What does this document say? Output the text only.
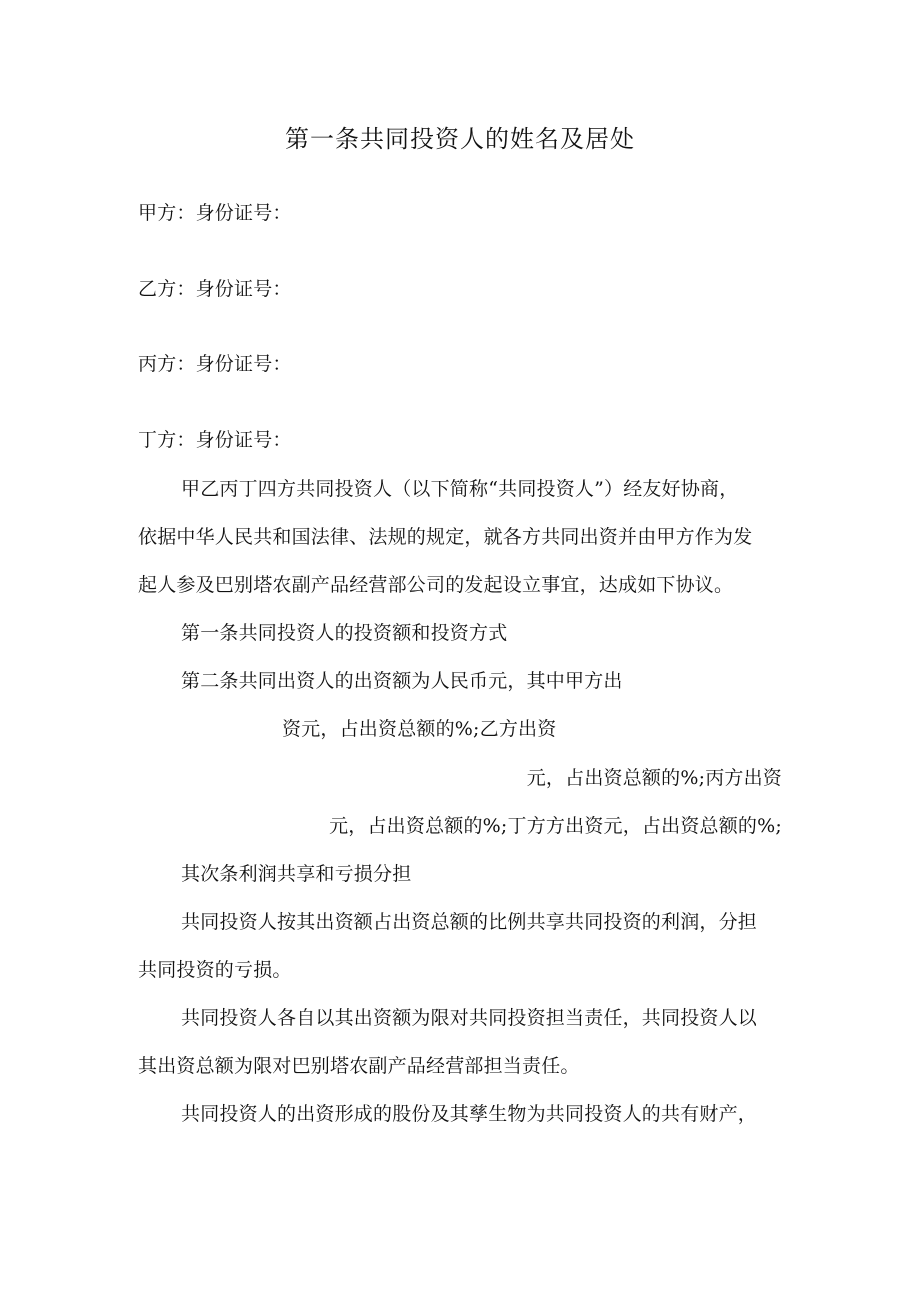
第一条共同投资人的姓名及居处
甲方：身份证号：
乙方：身份证号：
丙方：身份证号：
丁方：身份证号：
甲乙丙丁四方共同投资人（以下简称“共同投资人”）经友好协商，
依据中华人民共和国法律、法规的规定，就各方共同出资并由甲方作为发
起人参及巴别塔农副产品经营部公司的发起设立事宜，达成如下协议。
第一条共同投资人的投资额和投资方式
第二条共同出资人的出资额为人民币元，其中甲方出
资元，占出资总额的%;乙方出资
元，占出资总额的%;丙方出资
元，占出资总额的%;丁方方出资元，占出资总额的%;
其次条利润共享和亏损分担
共同投资人按其出资额占出资总额的比例共享共同投资的利润，分担
共同投资的亏损。
共同投资人各自以其出资额为限对共同投资担当责任，共同投资人以
其出资总额为限对巴别塔农副产品经营部担当责任。
共同投资人的出资形成的股份及其孳生物为共同投资人的共有财产，
